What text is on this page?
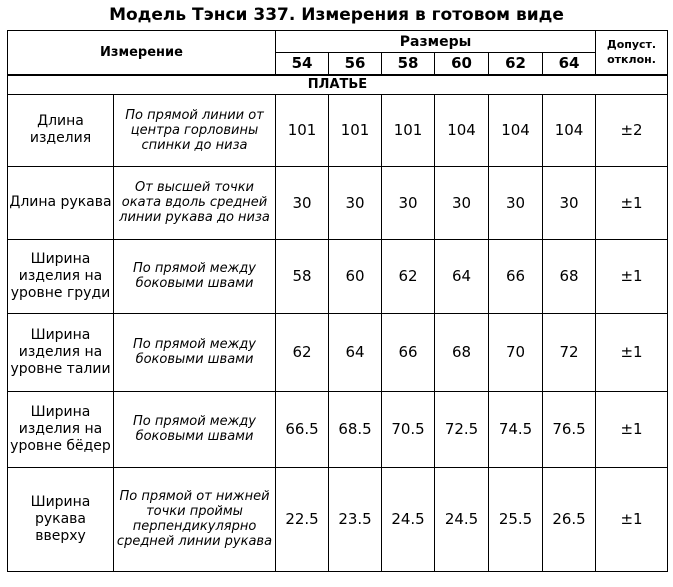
Модель Тэнси 337. Измерения в готовом виде
Измерение		Размеры						Допуст. отклон.
		54	56	58	60	62	64	
ПЛАТЬЕ								
Длина изделия	По прямой линии от центра горловины спинки до низа	101	101	101	104	104	104	±2
Длина рукава	От высшей точки оката вдоль средней линии рукава до низа	30	30	30	30	30	30	±1
Ширина изделия на уровне груди	По прямой между боковыми швами	58	60	62	64	66	68	±1
Ширина изделия на уровне талии	По прямой между боковыми швами	62	64	66	68	70	72	±1
Ширина изделия на уровне бёдер	По прямой между боковыми швами	66.5	68.5	70.5	72.5	74.5	76.5	±1
Ширина рукава вверху	По прямой от нижней точки проймы перпендикулярно средней линии рукава	22.5	23.5	24.5	24.5	25.5	26.5	±1
